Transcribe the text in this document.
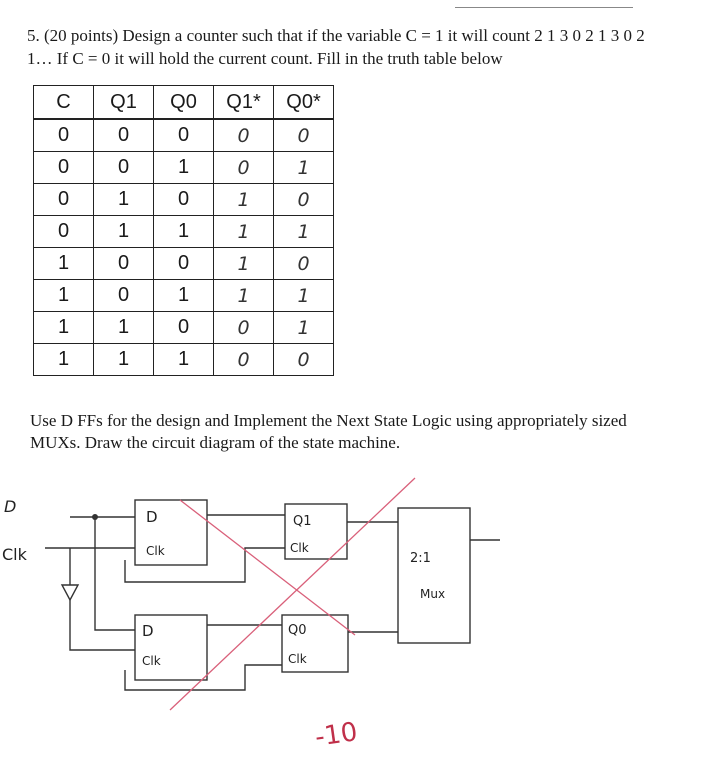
5. (20 points) Design a counter such that if the variable C = 1 it will count 2 1 3 0 2 1 3 0 2 1… If C = 0 it will hold the current count. Fill in the truth table below
C	Q1	Q0	Q1*	Q0*
0	0	0	0	0
0	0	1	0	1
0	1	0	1	0
0	1	1	1	1
1	0	0	1	0
1	0	1	1	1
1	1	0	0	1
1	1	1	0	0
Use D FFs for the design and Implement the Next State Logic using appropriately sized MUXs. Draw the circuit diagram of the state machine.
D
Clk
D
Clk
D
Clk
Q1
Clk
Q0
Clk
2:1
Mux
-10
